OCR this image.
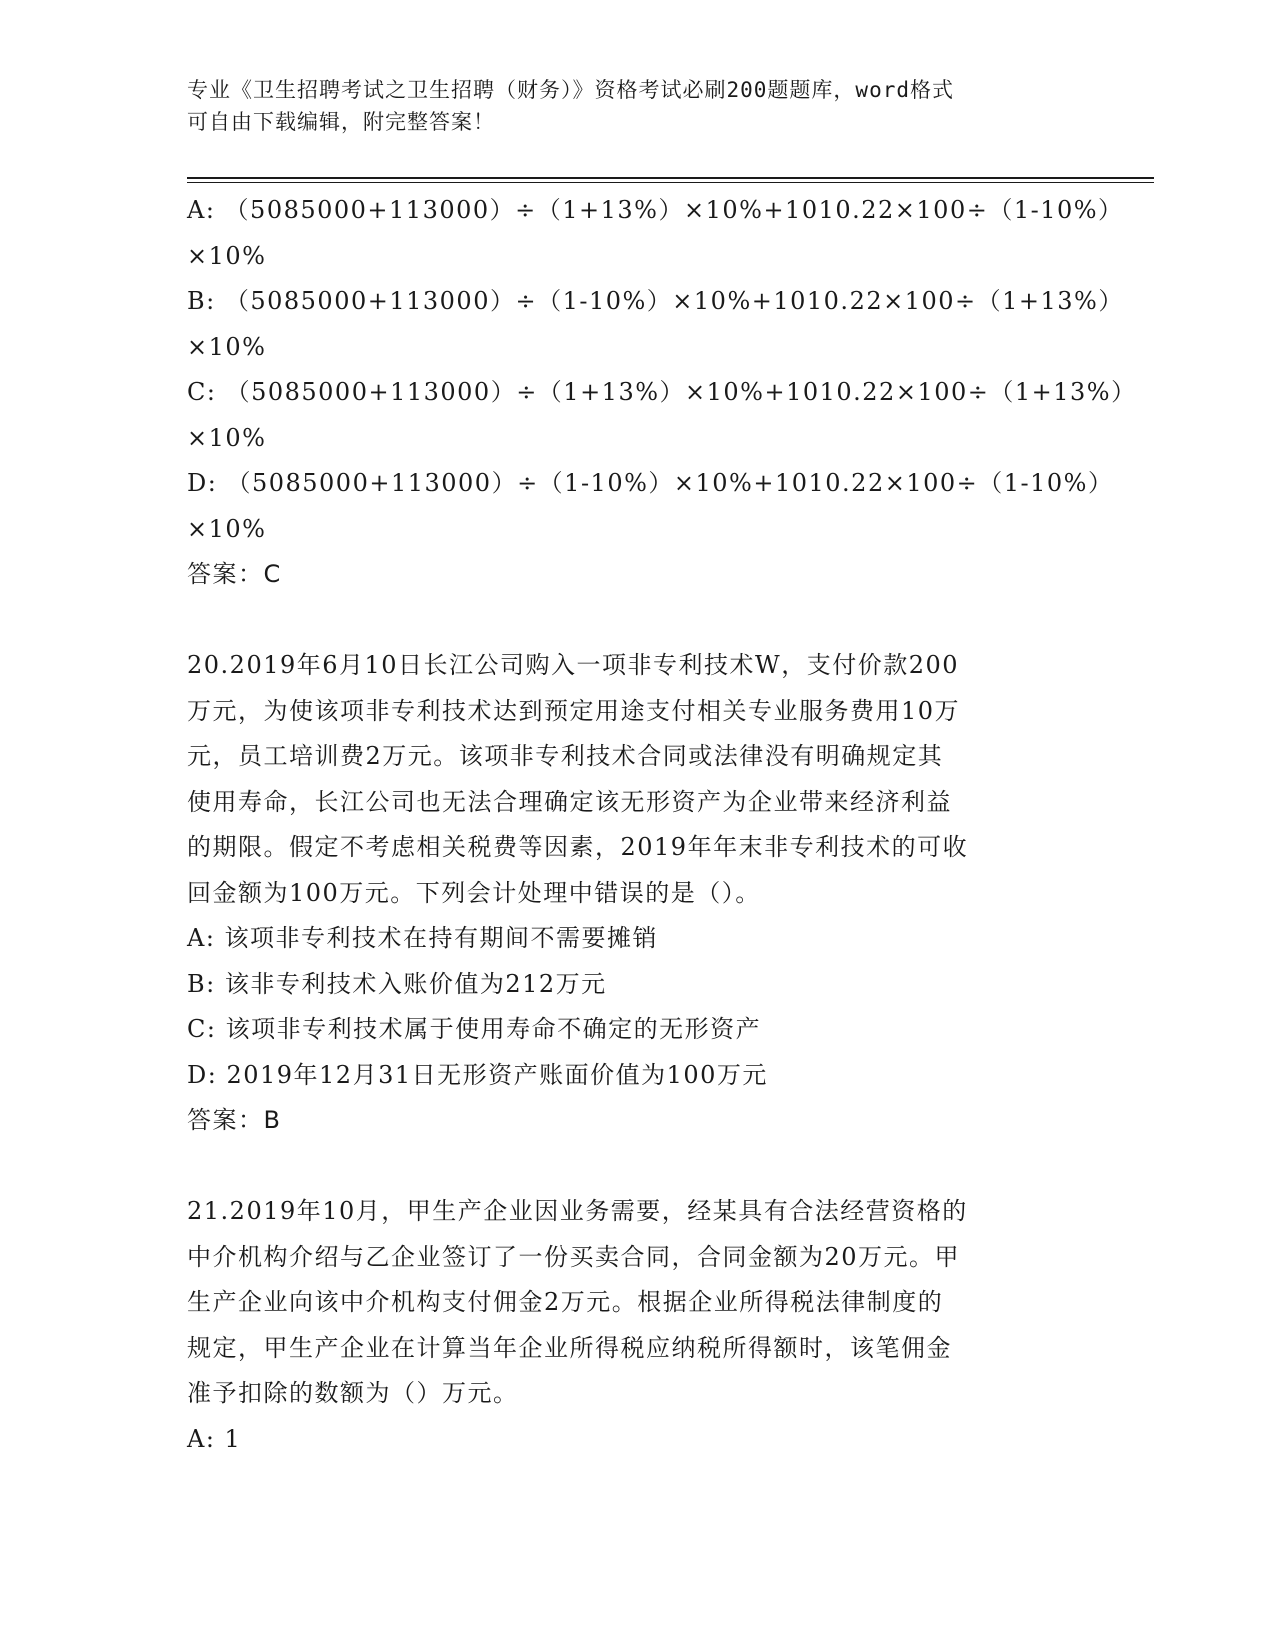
专业《卫生招聘考试之卫生招聘（财务）》资格考试必刷200题题库，word格式
可自由下载编辑，附完整答案！
A: （5085000+113000）÷（1+13%）×10%+1010.22×100÷（1-10%）
×10%
B: （5085000+113000）÷（1-10%）×10%+1010.22×100÷（1+13%）
×10%
C: （5085000+113000）÷（1+13%）×10%+1010.22×100÷（1+13%）
×10%
D: （5085000+113000）÷（1-10%）×10%+1010.22×100÷（1-10%）
×10%
答案：C
20.2019年6月10日长江公司购入一项非专利技术W，支付价款200
万元，为使该项非专利技术达到预定用途支付相关专业服务费用10万
元，员工培训费2万元。该项非专利技术合同或法律没有明确规定其
使用寿命，长江公司也无法合理确定该无形资产为企业带来经济利益
的期限。假定不考虑相关税费等因素，2019年年末非专利技术的可收
回金额为100万元。下列会计处理中错误的是（）。
A: 该项非专利技术在持有期间不需要摊销
B: 该非专利技术入账价值为212万元
C: 该项非专利技术属于使用寿命不确定的无形资产
D: 2019年12月31日无形资产账面价值为100万元
答案：B
21.2019年10月，甲生产企业因业务需要，经某具有合法经营资格的
中介机构介绍与乙企业签订了一份买卖合同，合同金额为20万元。甲
生产企业向该中介机构支付佣金2万元。根据企业所得税法律制度的
规定，甲生产企业在计算当年企业所得税应纳税所得额时，该笔佣金
准予扣除的数额为（）万元。
A: 1
